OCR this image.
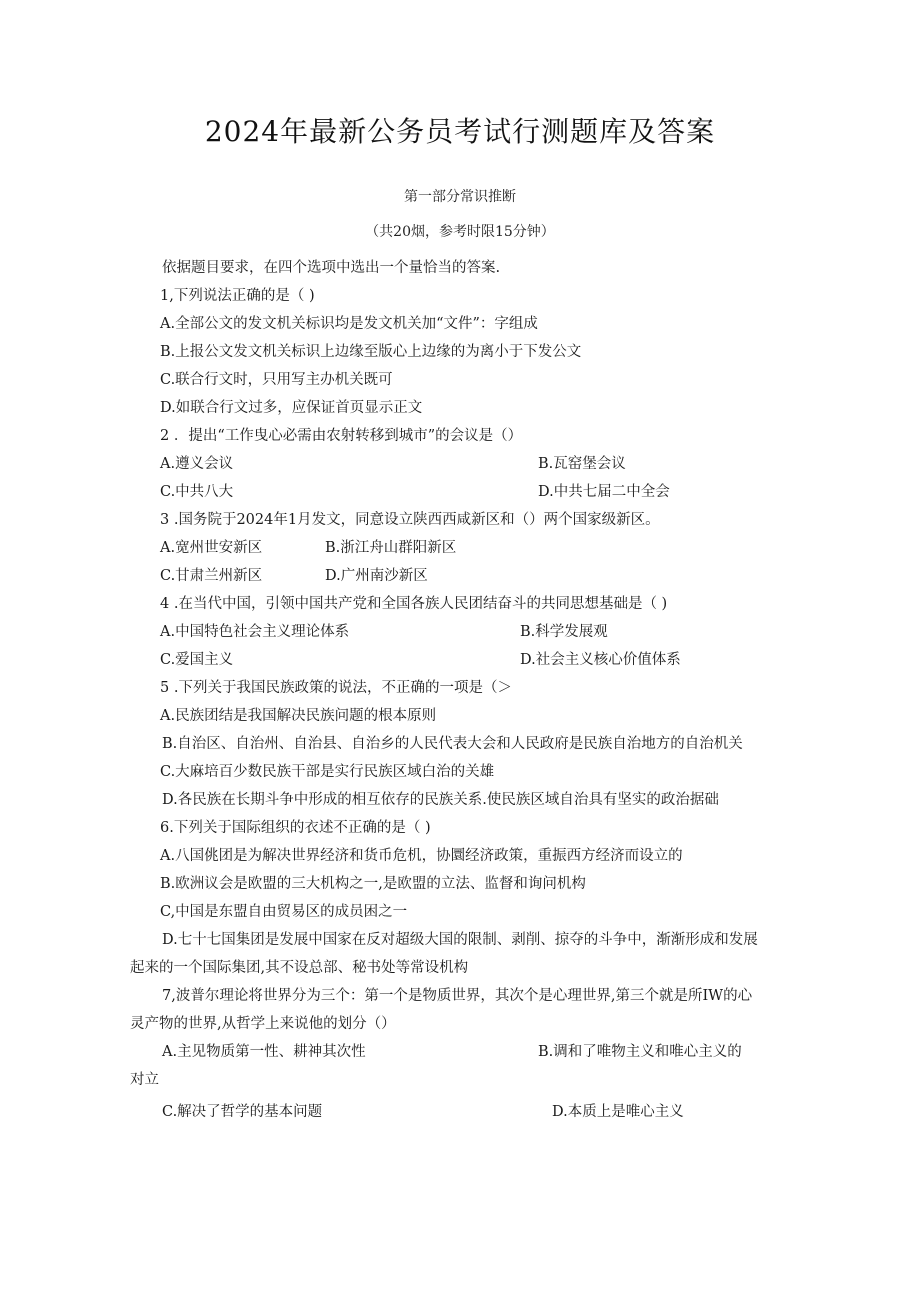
2024年最新公务员考试行测题库及答案
第一部分常识推断
（共20烟，参考时限15分钟）
依据题目要求，在四个选项中选出一个量恰当的答案.
1,下列说法正确的是（ )
A.全部公文的发文机关标识均是发文机关加“文件”：字组成
B.上报公文发文机关标识上边缘至版心上边缘的为离小于下发公文
C.联合行文时，只用写主办机关既可
D.如联合行文过多，应保证首页显示正文
2 ．提出“工作曳心必需由农射转移到城市”的会议是（）
A.遵义会议	B.瓦窑堡会议
C.中共八大	D.中共七届二中全会
3 .国务院于2024年1月发文，同意设立陕西西咸新区和（）两个国家级新区。
A.宽州世安新区	B.浙江舟山群阳新区
C.甘肃兰州新区	D.广州南沙新区
4 .在当代中国，引领中国共产党和全国各族人民团结奋斗的共同思想基础是（ )
A.中国特色社会主义理论体系	B.科学发展观
C.爱国主义	D.社会主义核心价值体系
5 .下列关于我国民族政策的说法，不正确的一项是（＞
A.民族团结是我国解决民族问题的根本原则
B.自治区、自治州、自治县、自治乡的人民代表大会和人民政府是民族自治地方的自治机关
C.大麻培百少数民族干部是实行民族区域白治的关雄
D.各民族在长期斗争中形成的相互依存的民族关系.使民族区域自治具有坚实的政治据础
6.下列关于国际组织的衣述不正确的是（ )
A.八国佻团是为解决世界经济和货币危机，协圜经济政策，重振西方经济而设立的
B.欧洲议会是欧盟的三大机构之一,是欧盟的立法、监督和询问机构
C,中国是东盟自由贸易区的成员困之一
D.七十七国集团是发展中国家在反对超级大国的限制、剥削、掠夺的斗争中，渐渐形成和发展
起来的一个国际集团,其不设总部、秘书处等常设机构
7,波普尔理论将世界分为三个：第一个是物质世界，其次个是心理世界,第三个就是所IW的心
灵产物的世界,从哲学上来说他的划分（）
A.主见物质第一性、耕神其次性	B.调和了唯物主义和唯心主义的
对立
C.解决了哲学的基本问题	D.本质上是唯心主义
